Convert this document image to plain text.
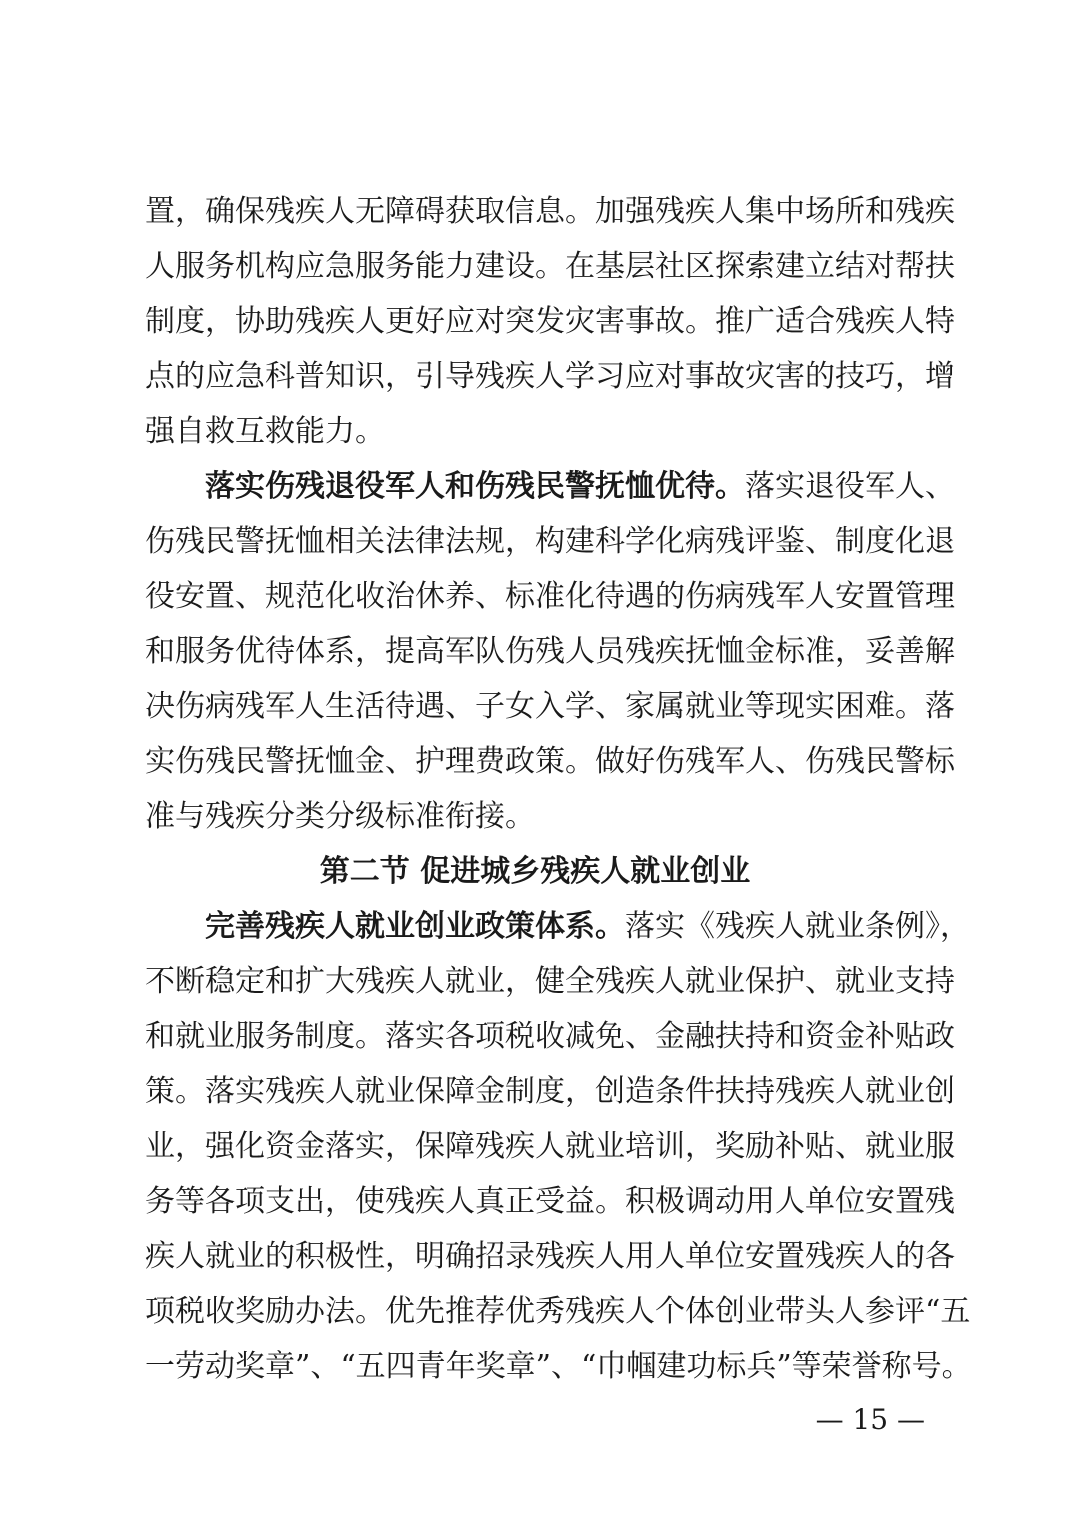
置，确保残疾人无障碍获取信息。加强残疾人集中场所和残疾
人服务机构应急服务能力建设。在基层社区探索建立结对帮扶
制度，协助残疾人更好应对突发灾害事故。推广适合残疾人特
点的应急科普知识，引导残疾人学习应对事故灾害的技巧，增
强自救互救能力。
落实伤残退役军人和伤残民警抚恤优待。落实退役军人、
伤残民警抚恤相关法律法规，构建科学化病残评鉴、制度化退
役安置、规范化收治休养、标准化待遇的伤病残军人安置管理
和服务优待体系，提高军队伤残人员残疾抚恤金标准，妥善解
决伤病残军人生活待遇、子女入学、家属就业等现实困难。落
实伤残民警抚恤金、护理费政策。做好伤残军人、伤残民警标
准与残疾分类分级标准衔接。
第二节 促进城乡残疾人就业创业
完善残疾人就业创业政策体系。落实《残疾人就业条例》，
不断稳定和扩大残疾人就业，健全残疾人就业保护、就业支持
和就业服务制度。落实各项税收减免、金融扶持和资金补贴政
策。落实残疾人就业保障金制度，创造条件扶持残疾人就业创
业，强化资金落实，保障残疾人就业培训，奖励补贴、就业服
务等各项支出，使残疾人真正受益。积极调动用人单位安置残
疾人就业的积极性，明确招录残疾人用人单位安置残疾人的各
项税收奖励办法。优先推荐优秀残疾人个体创业带头人参评“五
一劳动奖章”、“五四青年奖章”、“巾帼建功标兵”等荣誉称号。
— 15 —
